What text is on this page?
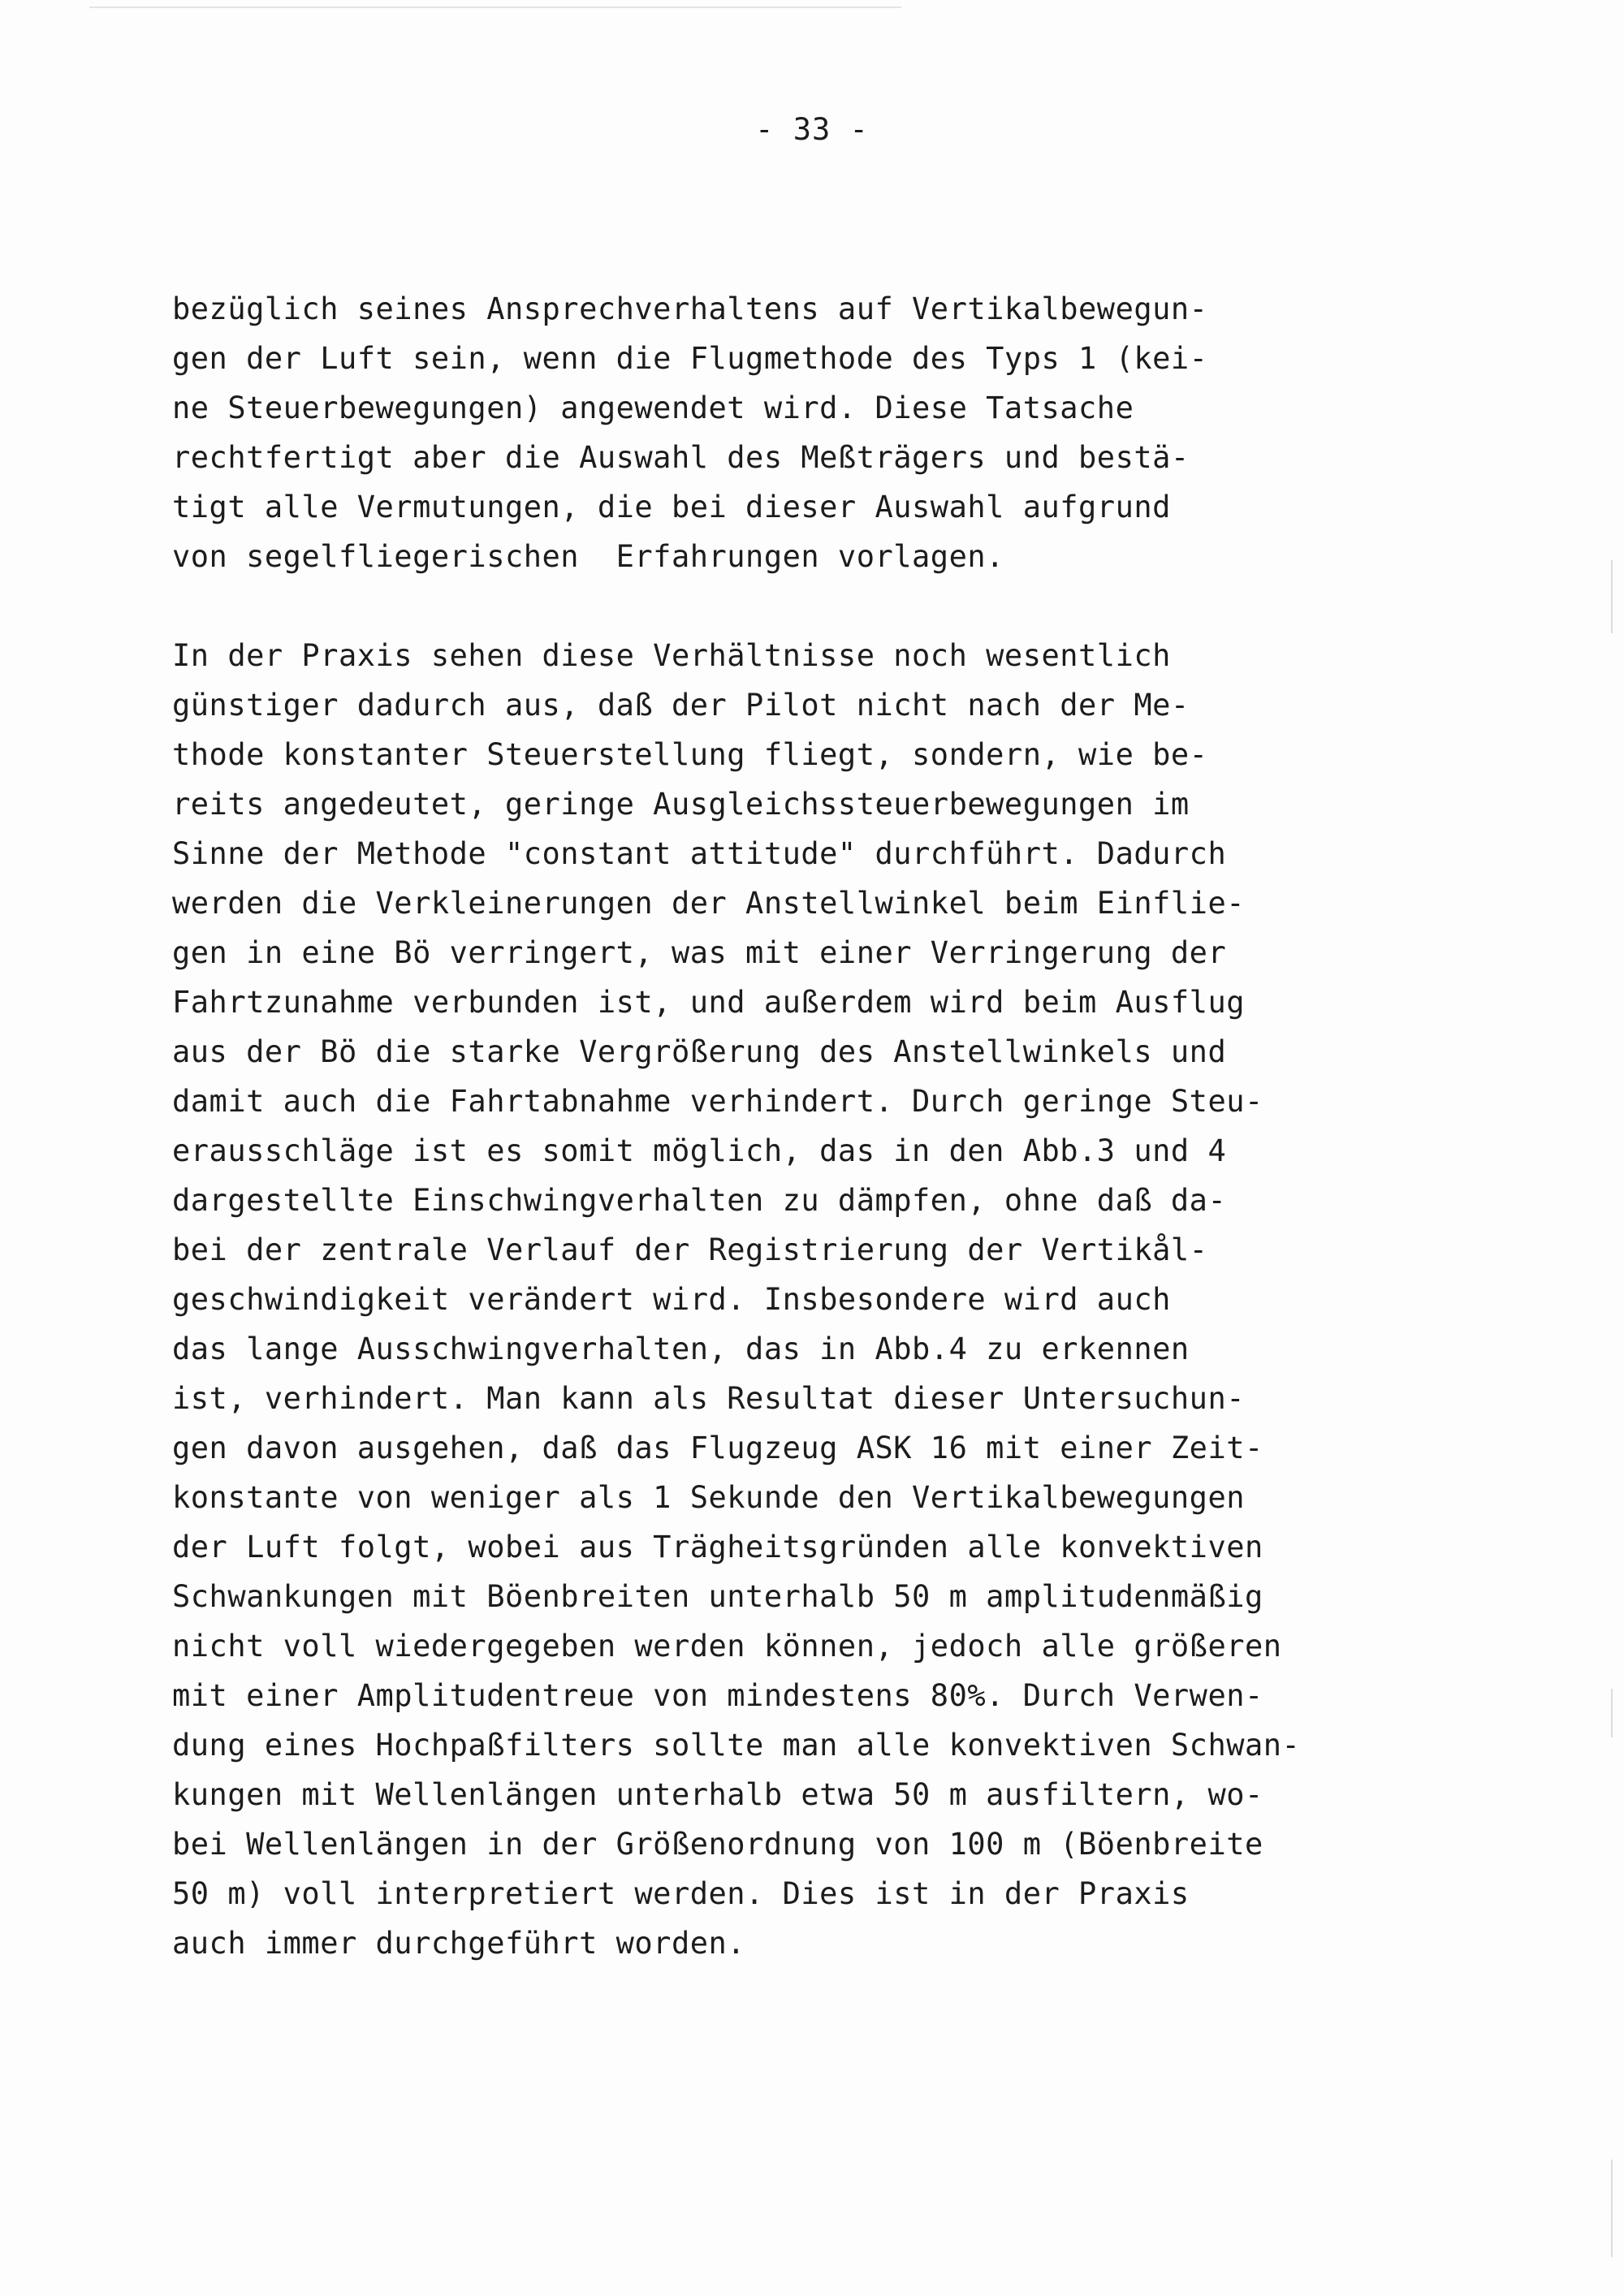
- 33 -

bezüglich seines Ansprechverhaltens auf Vertikalbewegun-
gen der Luft sein, wenn die Flugmethode des Typs 1 (kei-
ne Steuerbewegungen) angewendet wird. Diese Tatsache
rechtfertigt aber die Auswahl des Meßträgers und bestä-
tigt alle Vermutungen, die bei dieser Auswahl aufgrund
von segelfliegerischen  Erfahrungen vorlagen.

In der Praxis sehen diese Verhältnisse noch wesentlich
günstiger dadurch aus, daß der Pilot nicht nach der Me-
thode konstanter Steuerstellung fliegt, sondern, wie be-
reits angedeutet, geringe Ausgleichssteuerbewegungen im
Sinne der Methode "constant attitude" durchführt. Dadurch
werden die Verkleinerungen der Anstellwinkel beim Einflie-
gen in eine Bö verringert, was mit einer Verringerung der
Fahrtzunahme verbunden ist, und außerdem wird beim Ausflug
aus der Bö die starke Vergrößerung des Anstellwinkels und
damit auch die Fahrtabnahme verhindert. Durch geringe Steu-
erausschläge ist es somit möglich, das in den Abb.3 und 4
dargestellte Einschwingverhalten zu dämpfen, ohne daß da-
bei der zentrale Verlauf der Registrierung der Vertikål-
geschwindigkeit verändert wird. Insbesondere wird auch
das lange Ausschwingverhalten, das in Abb.4 zu erkennen
ist, verhindert. Man kann als Resultat dieser Untersuchun-
gen davon ausgehen, daß das Flugzeug ASK 16 mit einer Zeit-
konstante von weniger als 1 Sekunde den Vertikalbewegungen
der Luft folgt, wobei aus Trägheitsgründen alle konvektiven
Schwankungen mit Böenbreiten unterhalb 50 m amplitudenmäßig
nicht voll wiedergegeben werden können, jedoch alle größeren
mit einer Amplitudentreue von mindestens 80%. Durch Verwen-
dung eines Hochpaßfilters sollte man alle konvektiven Schwan-
kungen mit Wellenlängen unterhalb etwa 50 m ausfiltern, wo-
bei Wellenlängen in der Größenordnung von 100 m (Böenbreite
50 m) voll interpretiert werden. Dies ist in der Praxis
auch immer durchgeführt worden.
